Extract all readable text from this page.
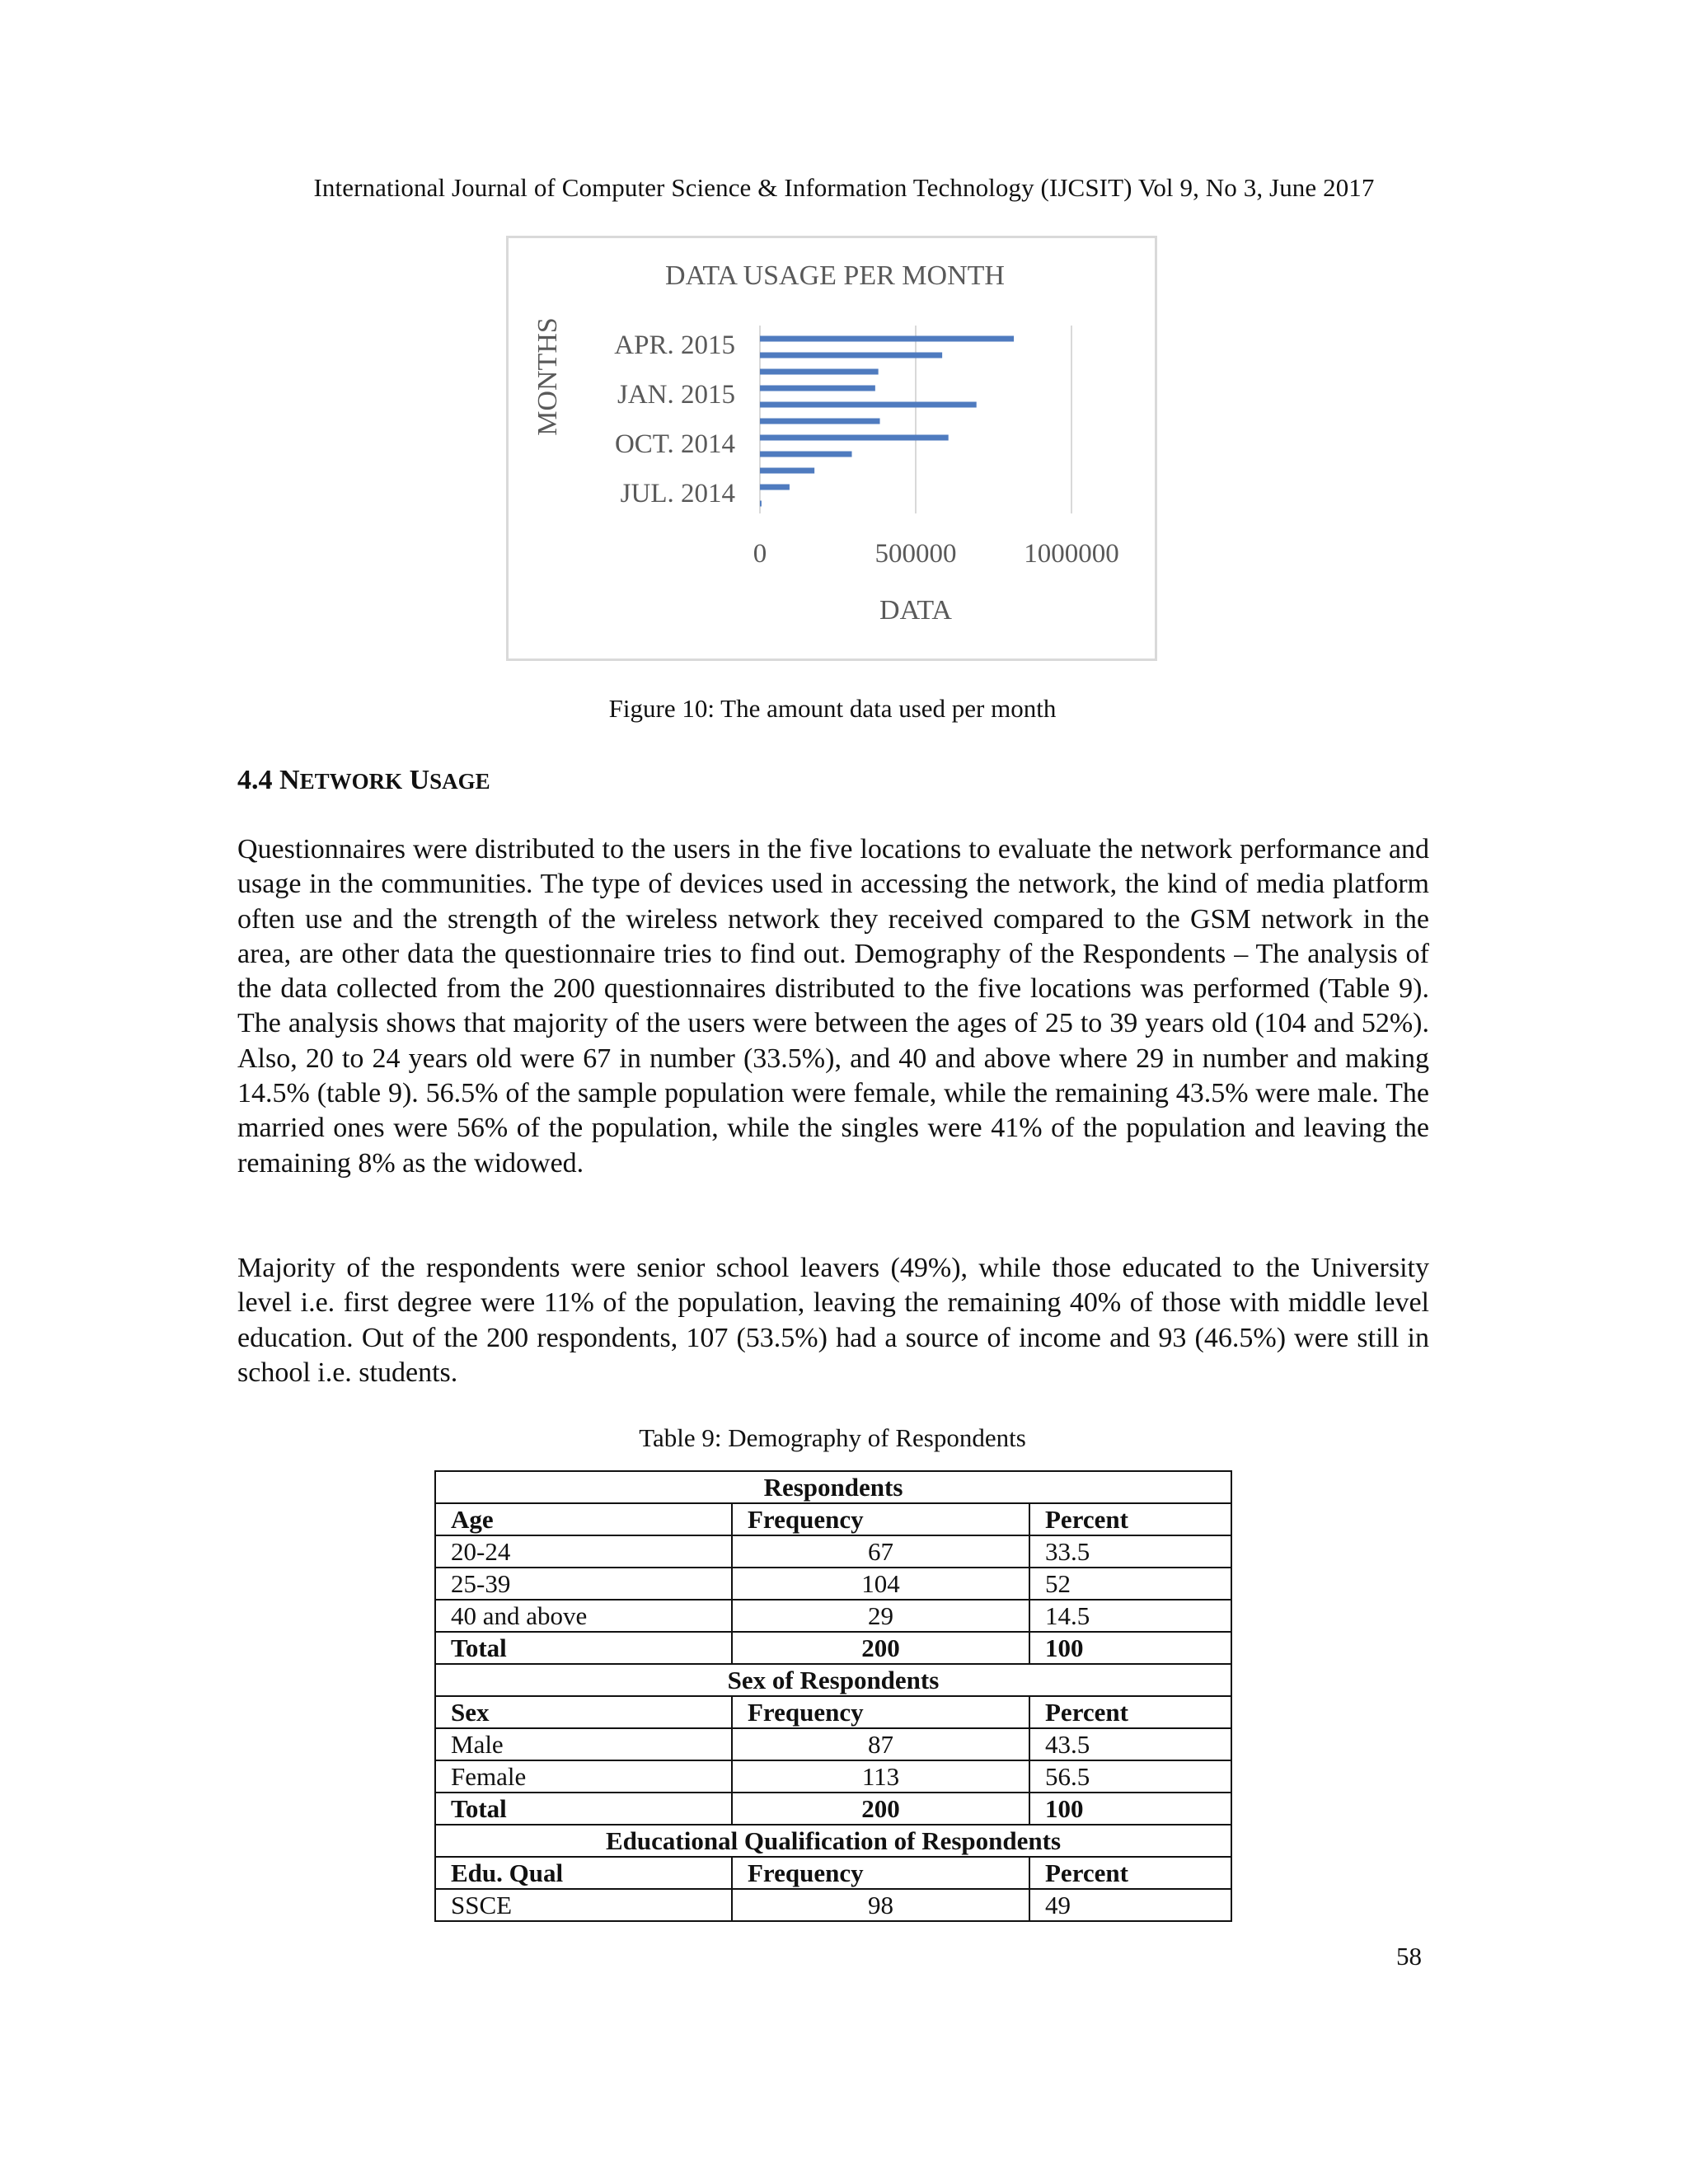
International Journal of Computer Science & Information Technology (IJCSIT) Vol 9, No 3, June 2017
DATA USAGE PER MONTH
MONTHS
DATA
JUL. 2014
OCT. 2014
JAN. 2015
APR. 2015
0	500000 1000000
Figure 10: The amount data used per month
4.4 NETWORK USAGE

Questionnaires were distributed to the users in the five locations to evaluate the network performance and usage in the communities. The type of devices used in accessing the network, the kind of media platform often use and the strength of the wireless network they received compared to the GSM network in the area, are other data the questionnaire tries to find out. Demography of the Respondents – The analysis of the data collected from the 200 questionnaires distributed to the five locations was performed (Table 9). The analysis shows that majority of the users were between the ages of 25 to 39 years old (104 and 52%). Also, 20 to 24 years old were 67 in number (33.5%), and 40 and above where 29 in number and making 14.5% (table 9). 56.5% of the sample population were female, while the remaining 43.5% were male. The married ones were 56% of the population, while the singles were 41% of the population and leaving the remaining 8% as the widowed.

Majority of the respondents were senior school leavers (49%), while those educated to the University level i.e. first degree were 11% of the population, leaving the remaining 40% of those with middle level education. Out of the 200 respondents, 107 (53.5%) had a source of income and 93 (46.5%) were still in school i.e. students.

Table 9: Demography of Respondents
Respondents		
Age	Frequency	Percent
20-24	67	33.5
25-39	104	52
40 and above	29	14.5
Total	200	100
Sex of Respondents		
Sex	Frequency	Percent
Male	87	43.5
Female	113	56.5
Total	200	100
Educational Qualification of Respondents		
Edu. Qual	Frequency	Percent
SSCE	98	49
58
